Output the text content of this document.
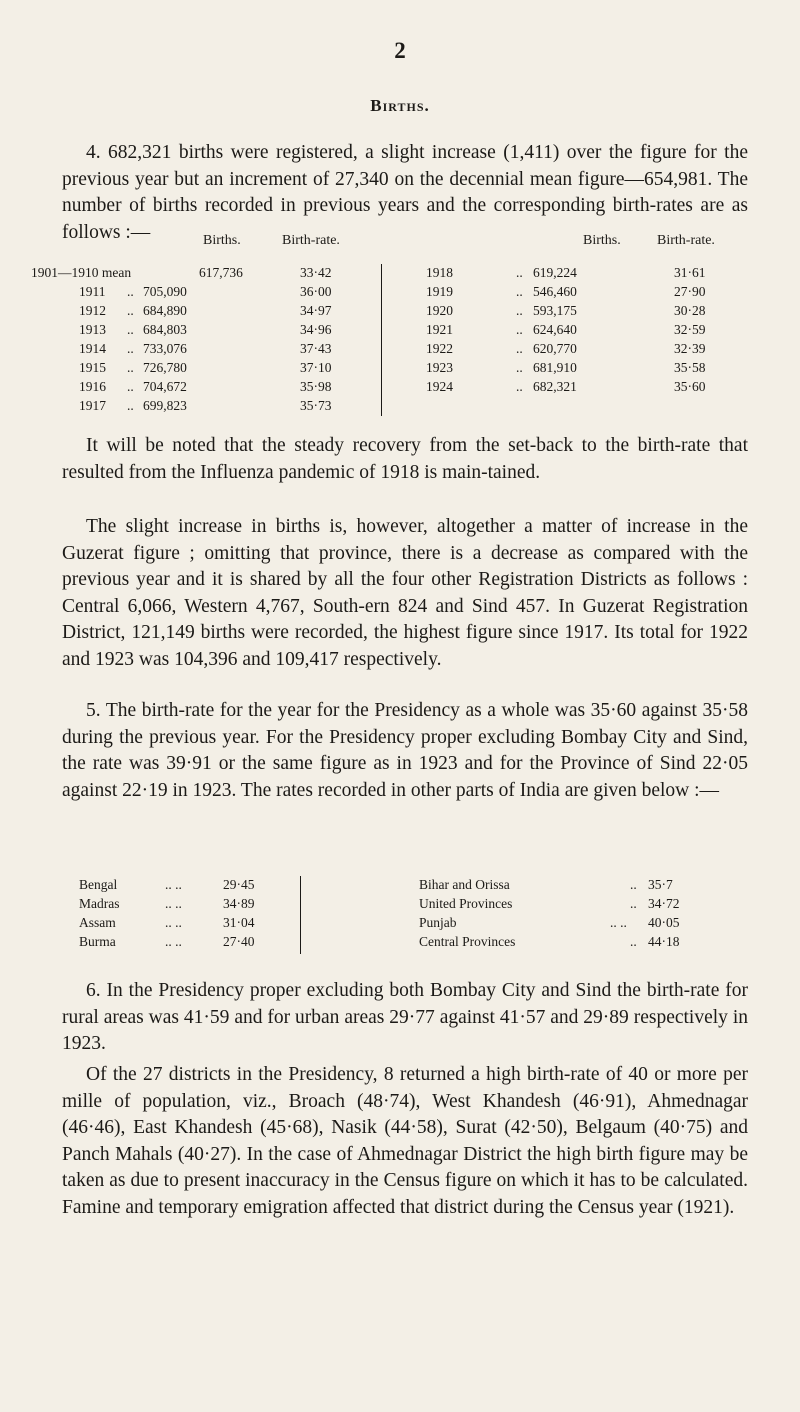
2
Births.

4. 682,321 births were registered, a slight increase (1,411) over the figure for the previous year but an increment of 27,340 on the decennial mean figure—654,981. The number of births recorded in previous years and the corresponding birth-rates are as follows :—	Births.	Birth-rate.	Births.	Birth-rate.
1901—1910 mean	617,736	33·42
1911 .. 705,090	36·00
1912 .. 684,890	34·97
1913 .. 684,803	34·96
1914 .. 733,076	37·43
1915 .. 726,780	37·10
1916 .. 704,672	35·98
1917 .. 699,823	35·73
1918	.. 619,224	31·61
1919	.. 546,460	27·90
1920	.. 593,175	30·28
1921	.. 624,640	32·59
1922	.. 620,770	32·39
1923	.. 681,910	35·58
1924	.. 682,321	35·60

It will be noted that the steady recovery from the set-back to the birth-rate that resulted from the Influenza pandemic of 1918 is main-tained.

The slight increase in births is, however, altogether a matter of increase in the Guzerat figure ; omitting that province, there is a decrease as compared with the previous year and it is shared by all the four other Registration Districts as follows : Central 6,066, Western 4,767, South-ern 824 and Sind 457. In Guzerat Registration District, 121,149 births were recorded, the highest figure since 1917. Its total for 1922 and 1923 was 104,396 and 109,417 respectively.

5. The birth-rate for the year for the Presidency as a whole was 35·60 against 35·58 during the previous year. For the Presidency proper excluding Bombay City and Sind, the rate was 39·91 or the same figure as in 1923 and for the Province of Sind 22·05 against 22·19 in 1923. The rates recorded in other parts of India are given below :—

Bengal	.. ..	29·45
Madras	.. ..	34·89
Assam	.. ..	31·04
Burma	.. ..	27·40
Bihar and Orissa	.. 35·7
United Provinces	.. 34·72
Punjab	.. .. 40·05
Central Provinces	.. 44·18

6. In the Presidency proper excluding both Bombay City and Sind the birth-rate for rural areas was 41·59 and for urban areas 29·77 against 41·57 and 29·89 respectively in 1923.

Of the 27 districts in the Presidency, 8 returned a high birth-rate of 40 or more per mille of population, viz., Broach (48·74), West Khandesh (46·91), Ahmednagar (46·46), East Khandesh (45·68), Nasik (44·58), Surat (42·50), Belgaum (40·75) and Panch Mahals (40·27). In the case of Ahmednagar District the high birth figure may be taken as due to present inaccuracy in the Census figure on which it has to be calculated. Famine and temporary emigration affected that district during the Census year (1921).
